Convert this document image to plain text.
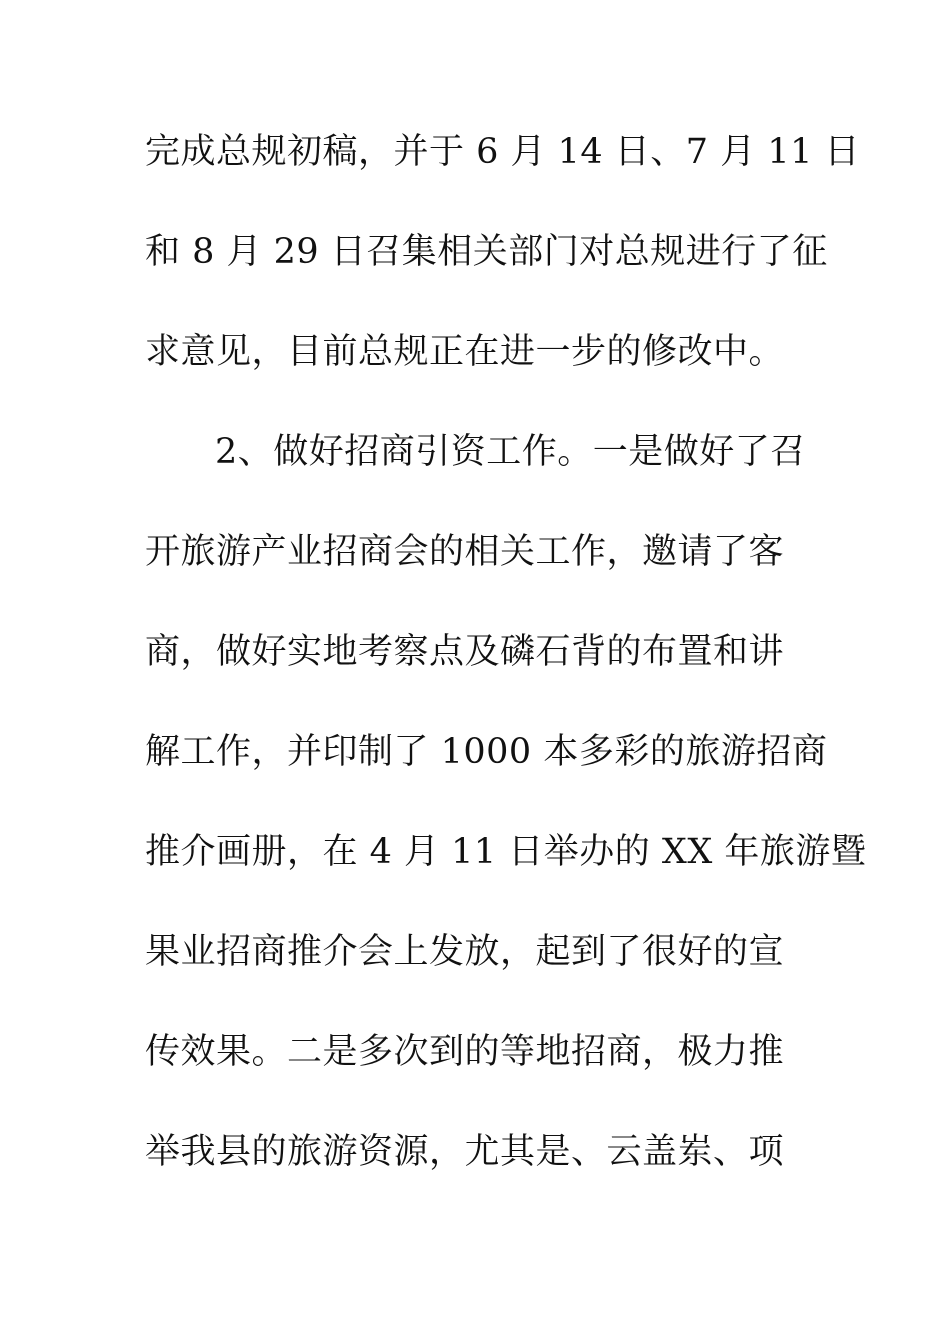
完成总规初稿，并于 6 月 14 日、7 月 11 日
和 8 月 29 日召集相关部门对总规进行了征
求意见，目前总规正在进一步的修改中。
2、做好招商引资工作。一是做好了召
开旅游产业招商会的相关工作，邀请了客
商，做好实地考察点及磷石背的布置和讲
解工作，并印制了 1000 本多彩的旅游招商
推介画册，在 4 月 11 日举办的 XX 年旅游暨
果业招商推介会上发放，起到了很好的宣
传效果。二是多次到的等地招商，极力推
举我县的旅游资源，尤其是、云盖岽、项
